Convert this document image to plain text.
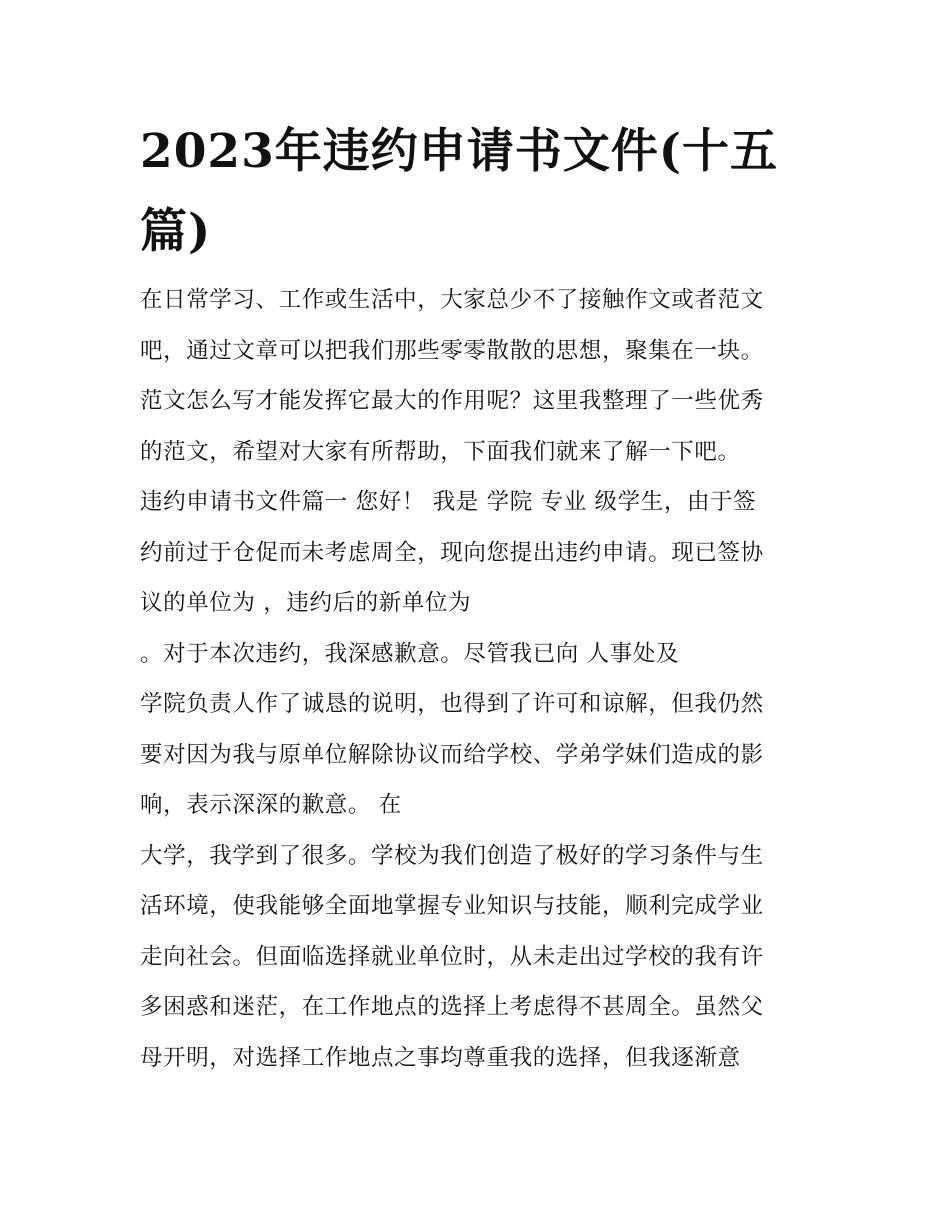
2023年违约申请书文件(十五篇)
在日常学习、工作或生活中，大家总少不了接触作文或者范文
吧，通过文章可以把我们那些零零散散的思想，聚集在一块。
范文怎么写才能发挥它最大的作用呢？这里我整理了一些优秀
的范文，希望对大家有所帮助，下面我们就来了解一下吧。
违约申请书文件篇一 您好！ 我是 学院 专业 级学生，由于签
约前过于仓促而未考虑周全，现向您提出违约申请。现已签协
议的单位为 ，违约后的新单位为
。对于本次违约，我深感歉意。尽管我已向 人事处及
学院负责人作了诚恳的说明，也得到了许可和谅解，但我仍然
要对因为我与原单位解除协议而给学校、学弟学妹们造成的影
响，表示深深的歉意。 在
大学，我学到了很多。学校为我们创造了极好的学习条件与生
活环境，使我能够全面地掌握专业知识与技能，顺利完成学业
走向社会。但面临选择就业单位时，从未走出过学校的我有许
多困惑和迷茫，在工作地点的选择上考虑得不甚周全。虽然父
母开明，对选择工作地点之事均尊重我的选择，但我逐渐意
